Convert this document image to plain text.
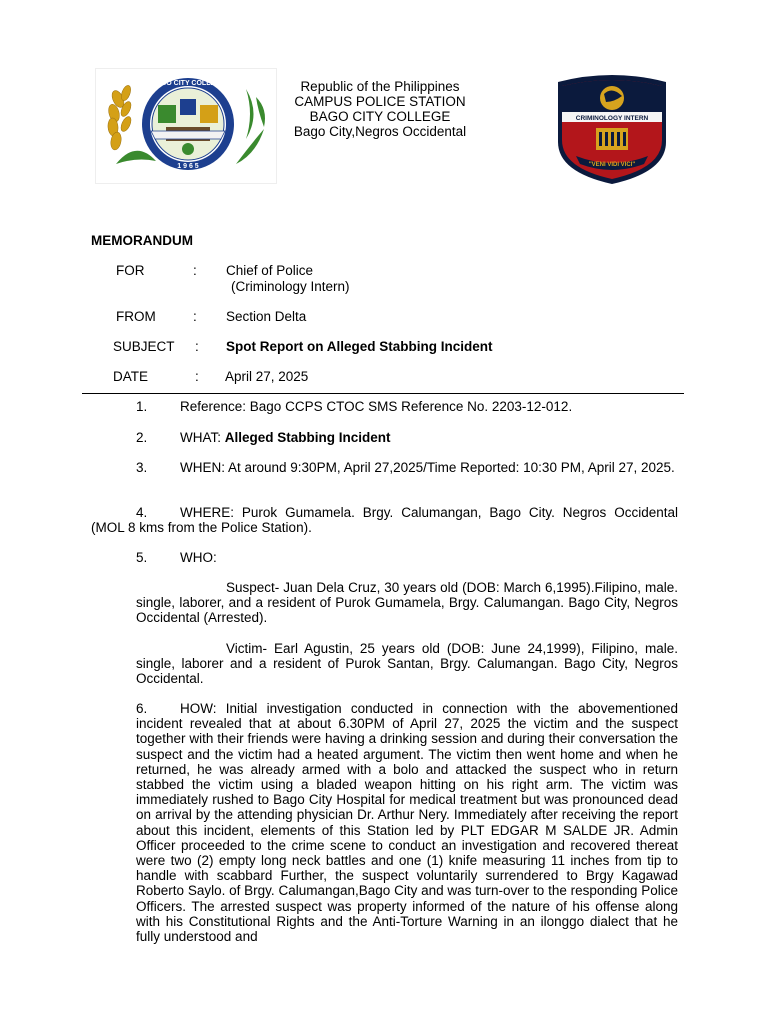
BAGO CITY COLLEGE
1 9 6 5
Republic of the Philippines
CAMPUS POLICE STATION
BAGO CITY COLLEGE
Bago City,Negros Occidental
CRIMINOLOGY INTERN
"VENI VIDI VICI"
MEMORANDUM
FOR	: Chief of Police
(Criminology Intern)
FROM	: Section Delta
SUBJECT : Spot Report on Alleged Stabbing Incident
DATE	: April 27, 2025
1. Reference: Bago CCPS CTOC SMS Reference No. 2203-12-012.
2. WHAT: Alleged Stabbing Incident
3. WHEN: At around 9:30PM, April 27,2025/Time Reported: 10:30 PM, April 27, 2025.
4. WHERE: Purok Gumamela. Brgy. Calumangan, Bago City. Negros Occidental (MOL 8 kms from the Police Station).
5. WHO:
Suspect- Juan Dela Cruz, 30 years old (DOB: March 6,1995).Filipino, male. single, laborer, and a resident of Purok Gumamela, Brgy. Calumangan. Bago City, Negros Occidental (Arrested).
Victim- Earl Agustin, 25 years old (DOB: June 24,1999), Filipino, male. single, laborer and a resident of Purok Santan, Brgy. Calumangan. Bago City, Negros Occidental.
6. HOW: Initial investigation conducted in connection with the abovementioned incident revealed that at about 6.30PM of April 27, 2025 the victim and the suspect together with their friends were having a drinking session and during their conversation the suspect and the victim had a heated argument. The victim then went home and when he returned, he was already armed with a bolo and attacked the suspect who in return stabbed the victim using a bladed weapon hitting on his right arm. The victim was immediately rushed to Bago City Hospital for medical treatment but was pronounced dead on arrival by the attending physician Dr. Arthur Nery. Immediately after receiving the report about this incident, elements of this Station led by PLT EDGAR M SALDE JR. Admin Officer proceeded to the crime scene to conduct an investigation and recovered thereat were two (2) empty long neck battles and one (1) knife measuring 11 inches from tip to handle with scabbard Further, the suspect voluntarily surrendered to Brgy Kagawad Roberto Saylo. of Brgy. Calumangan,Bago City and was turn-over to the responding Police Officers. The arrested suspect was property informed of the nature of his offense along with his Constitutional Rights and the Anti-Torture Warning in an ilonggo dialect that he fully understood and
